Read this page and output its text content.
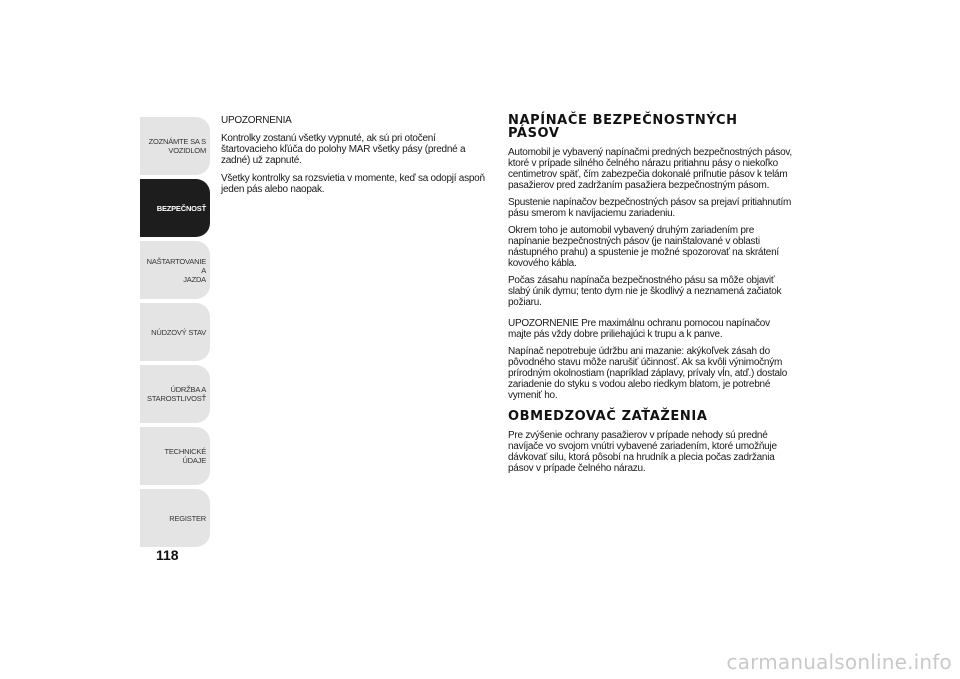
ZOZNÁMTE SA S
VOZIDLOM
BEZPEČNOSŤ
NAŠTARTOVANIE A
JAZDA
NÚDZOVÝ STAV
ÚDRŽBA A
STAROSTLIVOSŤ
TECHNICKÉ ÚDAJE
REGISTER
118

UPOZORNENIA

Kontrolky zostanú všetky vypnuté, ak sú pri otočení štartovacieho kľúča do polohy MAR všetky pásy (predné a zadné) už zapnuté.

Všetky kontrolky sa rozsvietia v momente, keď sa odopjí aspoň jeden pás alebo naopak.

NAPÍNAČE BEZPEČNOSTNÝCH PÁSOV

Automobil je vybavený napínačmi predných bezpečnostných pásov, ktoré v prípade silného čelného nárazu pritiahnu pásy o niekoľko centimetrov späť, čím zabezpečia dokonalé priľnutie pásov k telám pasažierov pred zadržaním pasažiera bezpečnostným pásom.

Spustenie napínačov bezpečnostných pásov sa prejaví pritiahnutím pásu smerom k navíjaciemu zariadeniu.

Okrem toho je automobil vybavený druhým zariadením pre napínanie bezpečnostných pásov (je nainštalované v oblasti nástupného prahu) a spustenie je možné spozorovať na skrátení kovového kábla.

Počas zásahu napínača bezpečnostného pásu sa môže objaviť slabý únik dymu; tento dym nie je škodlivý a neznamená začiatok požiaru.

UPOZORNENIE Pre maximálnu ochranu pomocou napínačov majte pás vždy dobre priliehajúci k trupu a k panve.

Napínač nepotrebuje údržbu ani mazanie: akýkoľvek zásah do pôvodného stavu môže narušiť účinnosť. Ak sa kvôli výnimočným prírodným okolnostiam (napríklad záplavy, prívaly vĺn, atď.) dostalo zariadenie do styku s vodou alebo riedkym blatom, je potrebné vymeniť ho.

OBMEDZOVAČ ZAŤAŽENIA

Pre zvýšenie ochrany pasažierov v prípade nehody sú predné navíjače vo svojom vnútri vybavené zariadením, ktoré umožňuje dávkovať silu, ktorá pôsobí na hrudník a plecia počas zadržania pásov v prípade čelného nárazu.

carmanualsonline.info
